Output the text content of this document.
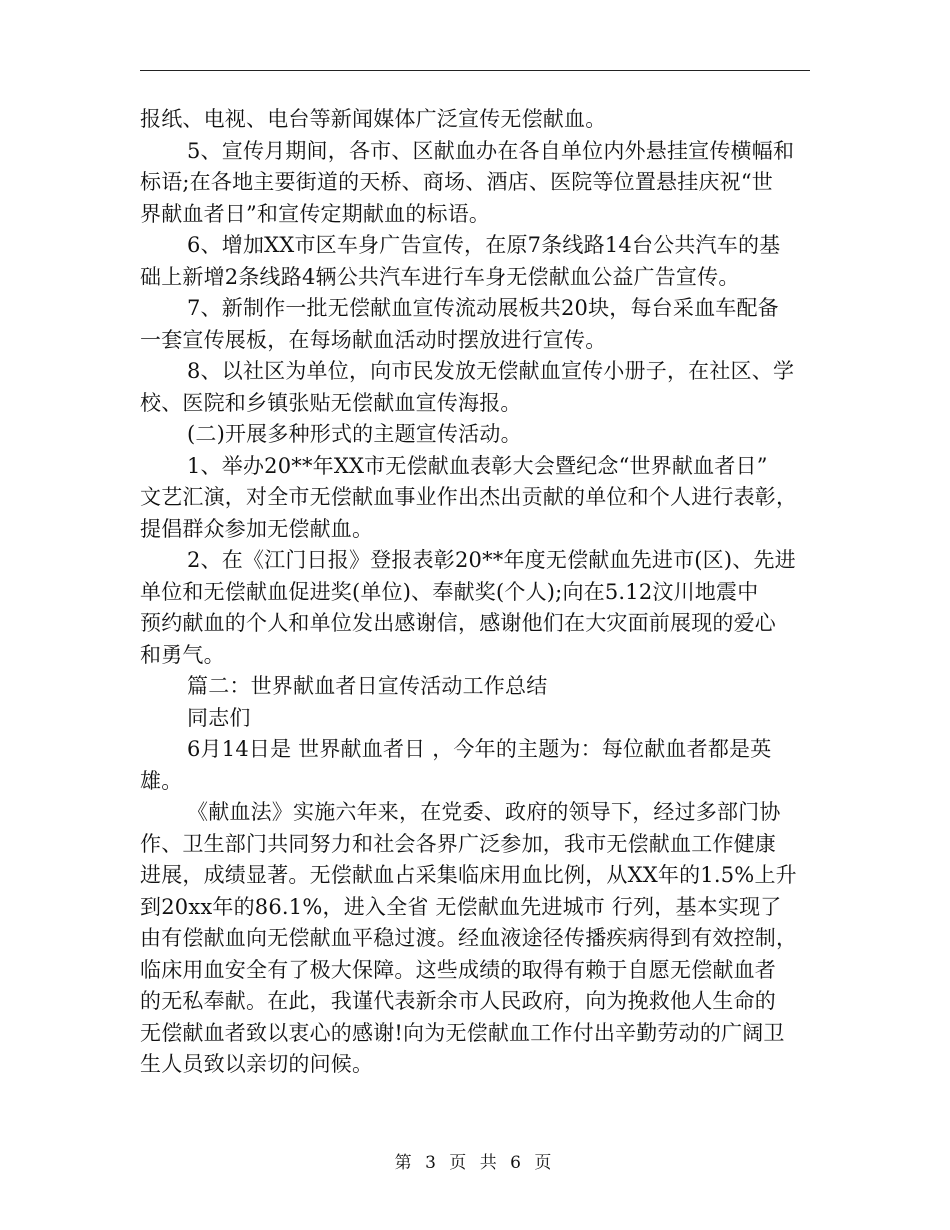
报纸、电视、电台等新闻媒体广泛宣传无偿献血。
5、宣传月期间，各市、区献血办在各自单位内外悬挂宣传横幅和
标语;在各地主要街道的天桥、商场、酒店、医院等位置悬挂庆祝“世
界献血者日”和宣传定期献血的标语。
6、增加XX市区车身广告宣传，在原7条线路14台公共汽车的基
础上新增2条线路4辆公共汽车进行车身无偿献血公益广告宣传。
7、新制作一批无偿献血宣传流动展板共20块，每台采血车配备
一套宣传展板，在每场献血活动时摆放进行宣传。
8、以社区为单位，向市民发放无偿献血宣传小册子，在社区、学
校、医院和乡镇张贴无偿献血宣传海报。
(二)开展多种形式的主题宣传活动。
1、举办20**年XX市无偿献血表彰大会暨纪念“世界献血者日”
文艺汇演，对全市无偿献血事业作出杰出贡献的单位和个人进行表彰，
提倡群众参加无偿献血。
2、在《江门日报》登报表彰20**年度无偿献血先进市(区)、先进
单位和无偿献血促进奖(单位)、奉献奖(个人);向在5.12汶川地震中
预约献血的个人和单位发出感谢信，感谢他们在大灾面前展现的爱心
和勇气。
篇二：世界献血者日宣传活动工作总结
同志们
6月14日是 世界献血者日 ，今年的主题为：每位献血者都是英
雄。
《献血法》实施六年来，在党委、政府的领导下，经过多部门协
作、卫生部门共同努力和社会各界广泛参加，我市无偿献血工作健康
进展，成绩显著。无偿献血占采集临床用血比例，从XX年的1.5%上升
到20xx年的86.1%，进入全省 无偿献血先进城市 行列，基本实现了
由有偿献血向无偿献血平稳过渡。经血液途径传播疾病得到有效控制，
临床用血安全有了极大保障。这些成绩的取得有赖于自愿无偿献血者
的无私奉献。在此，我谨代表新余市人民政府，向为挽救他人生命的
无偿献血者致以衷心的感谢!向为无偿献血工作付出辛勤劳动的广阔卫
生人员致以亲切的问候。
第 3 页 共 6 页
